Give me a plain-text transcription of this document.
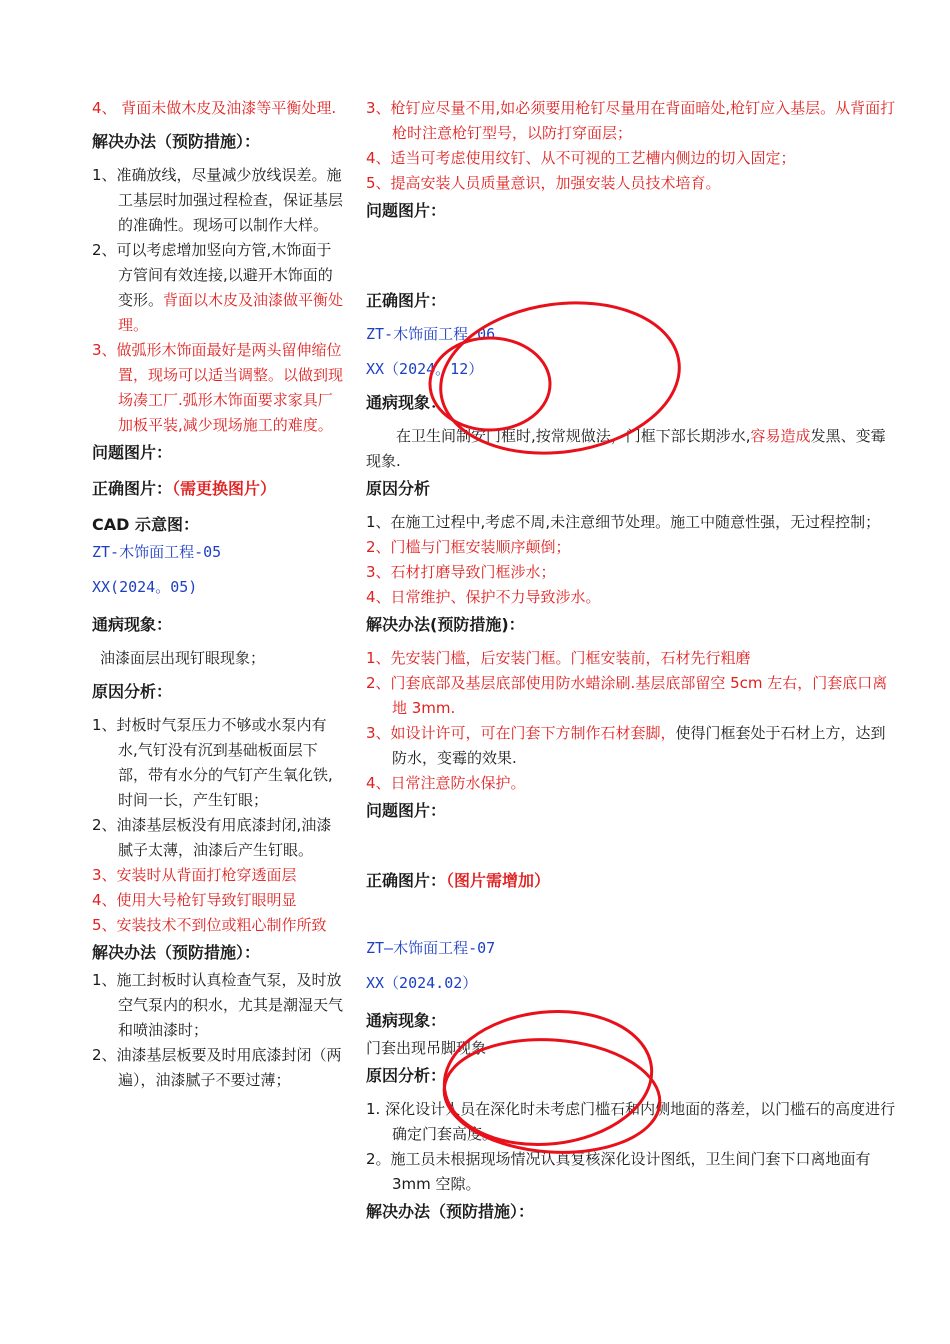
4、 背面未做木皮及油漆等平衡处理.

解决办法（预防措施）：

1、准确放线，尽量减少放线误差。施工基层时加强过程检查，保证基层的准确性。现场可以制作大样。

2、可以考虑增加竖向方管,木饰面于方管间有效连接,以避开木饰面的变形。背面以木皮及油漆做平衡处理。

3、做弧形木饰面最好是两头留伸缩位置，现场可以适当调整。以做到现场凑工厂.弧形木饰面要求家具厂加板平装,减少现场施工的难度。

问题图片：

正确图片：（需更换图片）

CAD 示意图：

ZT-木饰面工程-05

XX(2024。05)

通病现象：

油漆面层出现钉眼现象；

原因分析：

1、封板时气泵压力不够或水泵内有水,气钉没有沉到基础板面层下部，带有水分的气钉产生氧化铁,时间一长，产生钉眼；

2、油漆基层板没有用底漆封闭,油漆腻子太薄，油漆后产生钉眼。

3、安装时从背面打枪穿透面层

4、使用大号枪钉导致钉眼明显

5、安装技术不到位或粗心制作所致

解决办法（预防措施）：

1、施工封板时认真检查气泵，及时放空气泵内的积水，尤其是潮湿天气和喷油漆时；

2、油漆基层板要及时用底漆封闭（两遍），油漆腻子不要过薄；

3、枪钉应尽量不用,如必须要用枪钉尽量用在背面暗处,枪钉应入基层。从背面打枪时注意枪钉型号，以防打穿面层；

4、适当可考虑使用纹钉、从不可视的工艺槽内侧边的切入固定；

5、提高安装人员质量意识，加强安装人员技术培育。

问题图片：

正确图片：

ZT-木饰面工程-06

XX（2024。12）

通病现象：

在卫生间制安门框时,按常规做法，门框下部长期涉水,容易造成发黑、变霉现象.

原因分析

1、在施工过程中,考虑不周,未注意细节处理。施工中随意性强，无过程控制；

2、门槛与门框安装顺序颠倒；

3、石材打磨导致门框涉水；

4、日常维护、保护不力导致涉水。

解决办法(预防措施)：

1、先安装门槛，后安装门框。门框安装前，石材先行粗磨

2、门套底部及基层底部使用防水蜡涂刷.基层底部留空 5cm 左右，门套底口离地 3mm.

3、如设计许可，可在门套下方制作石材套脚，使得门框套处于石材上方，达到防水，变霉的效果.

4、日常注意防水保护。

问题图片：

正确图片：（图片需增加）

ZT—木饰面工程-07

XX（2024.02）

通病现象：

门套出现吊脚现象

原因分析：

1. 深化设计人员在深化时未考虑门槛石和内侧地面的落差，以门槛石的高度进行确定门套高度。

2。施工员未根据现场情况认真复核深化设计图纸，卫生间门套下口离地面有 3mm 空隙。

解决办法（预防措施）：
